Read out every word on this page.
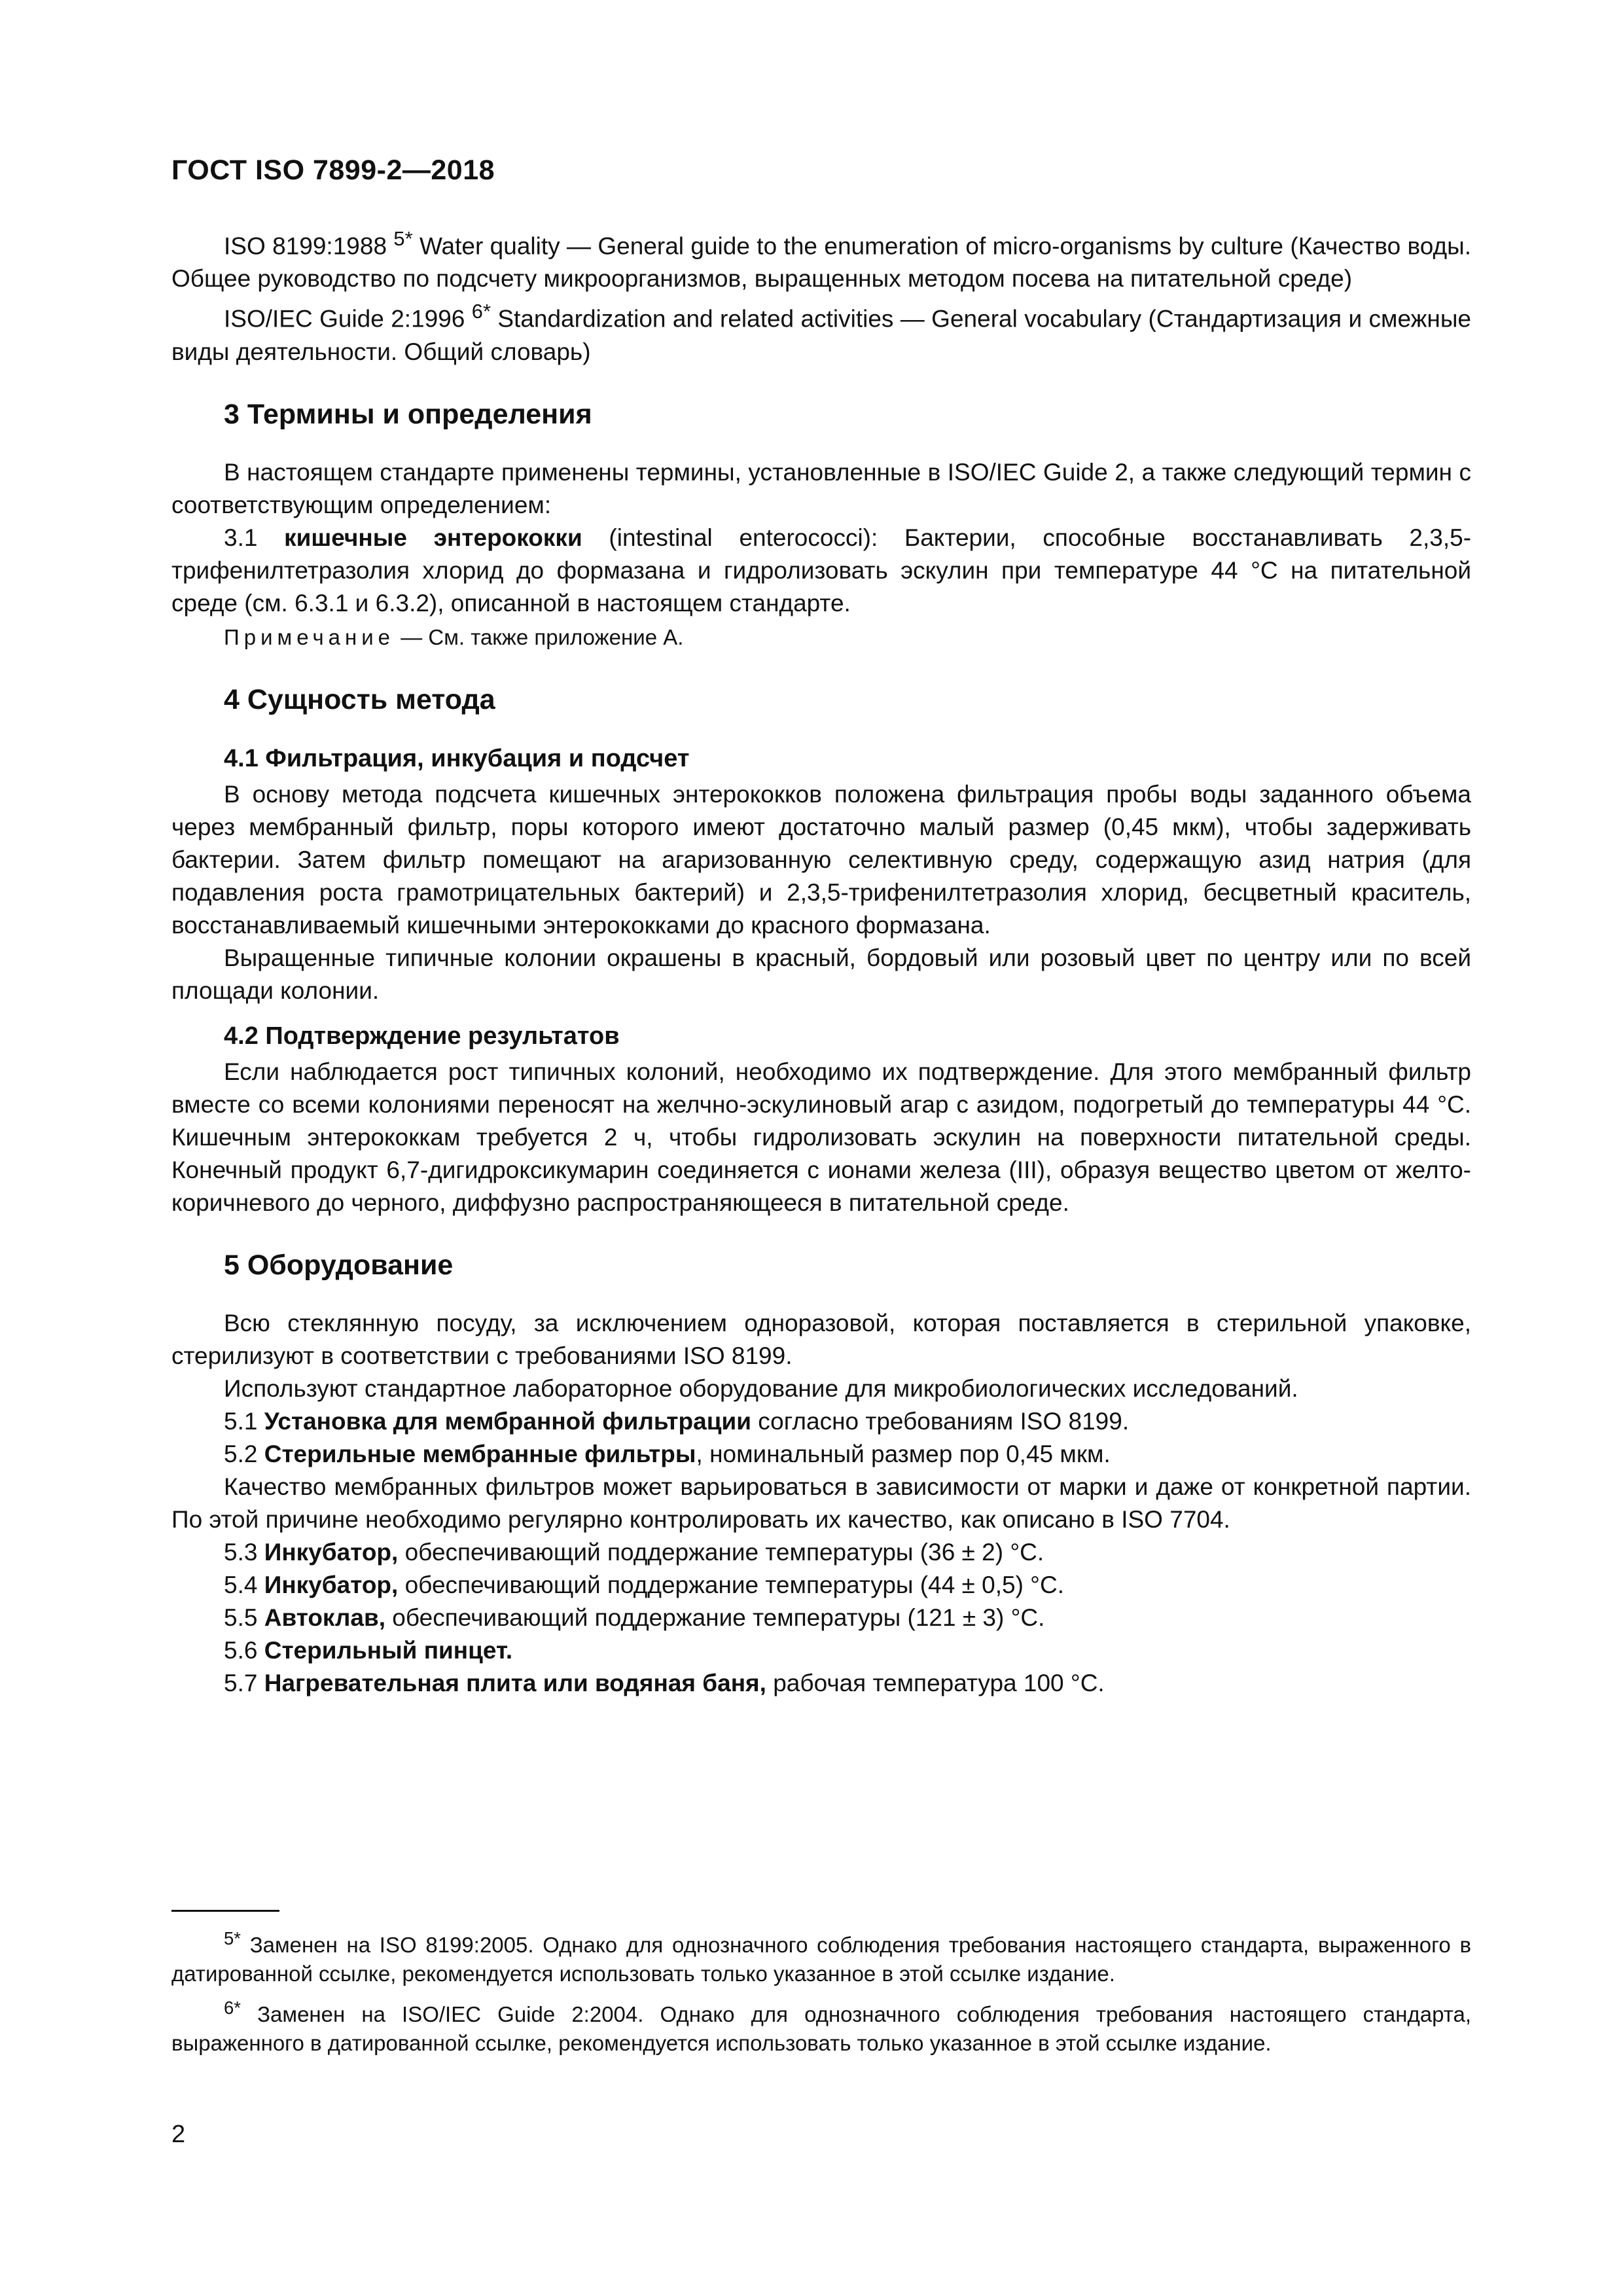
ГОСТ ISO 7899-2—2018

ISO 8199:1988 $^{5*}$ Water quality — General guide to the enumeration of micro-organisms by culture (Качество воды. Общее руководство по подсчету микроорганизмов, выращенных методом посева на питательной среде)

ISO/IEC Guide 2:1996 $^{6*}$ Standardization and related activities — General vocabulary (Стандартизация и смежные виды деятельности. Общий словарь)

3 Термины и определения

В настоящем стандарте применены термины, установленные в ISO/IEC Guide 2, а также следующий термин с соответствующим определением:

3.1 кишечные энтерококки (intestinal enterococci): Бактерии, способные восстанавливать 2,3,5-трифенилтетразолия хлорид до формазана и гидролизовать эскулин при температуре 44 °С на питательной среде (см. 6.3.1 и 6.3.2), описанной в настоящем стандарте.

Примечание — См. также приложение А.
4 Сущность метода
4.1 Фильтрация, инкубация и подсчет

В основу метода подсчета кишечных энтерококков положена фильтрация пробы воды заданного объема через мембранный фильтр, поры которого имеют достаточно малый размер (0,45 мкм), чтобы задерживать бактерии. Затем фильтр помещают на агаризованную селективную среду, содержащую азид натрия (для подавления роста грамотрицательных бактерий) и 2,3,5-трифенилтетразолия хлорид, бесцветный краситель, восстанавливаемый кишечными энтерококками до красного формазана.

Выращенные типичные колонии окрашены в красный, бордовый или розовый цвет по центру или по всей площади колонии.

4.2 Подтверждение результатов

Если наблюдается рост типичных колоний, необходимо их подтверждение. Для этого мембранный фильтр вместе со всеми колониями переносят на желчно-эскулиновый агар с азидом, подогретый до температуры 44 °С. Кишечным энтерококкам требуется 2 ч, чтобы гидролизовать эскулин на поверхности питательной среды. Конечный продукт 6,7-дигидроксикумарин соединяется с ионами железа (III), образуя вещество цветом от желто-коричневого до черного, диффузно распространяющееся в питательной среде.

5 Оборудование

Всю стеклянную посуду, за исключением одноразовой, которая поставляется в стерильной упаковке, стерилизуют в соответствии с требованиями ISO 8199.

Используют стандартное лабораторное оборудование для микробиологических исследований.

5.1 Установка для мембранной фильтрации согласно требованиям ISO 8199.

5.2 Стерильные мембранные фильтры, номинальный размер пор 0,45 мкм.

Качество мембранных фильтров может варьироваться в зависимости от марки и даже от конкретной партии. По этой причине необходимо регулярно контролировать их качество, как описано в ISO 7704.

5.3 Инкубатор, обеспечивающий поддержание температуры (36 ± 2) °С.

5.4 Инкубатор, обеспечивающий поддержание температуры (44 ± 0,5) °С.

5.5 Автоклав, обеспечивающий поддержание температуры (121 ± 3) °С.

5.6 Стерильный пинцет.

5.7 Нагревательная плита или водяная баня, рабочая температура 100 °С.

$^{5*}$ Заменен на ISO 8199:2005. Однако для однозначного соблюдения требования настоящего стандарта, выраженного в датированной ссылке, рекомендуется использовать только указанное в этой ссылке издание.

$^{6*}$ Заменен на ISO/IEC Guide 2:2004. Однако для однозначного соблюдения требования настоящего стандарта, выраженного в датированной ссылке, рекомендуется использовать только указанное в этой ссылке издание.

2
